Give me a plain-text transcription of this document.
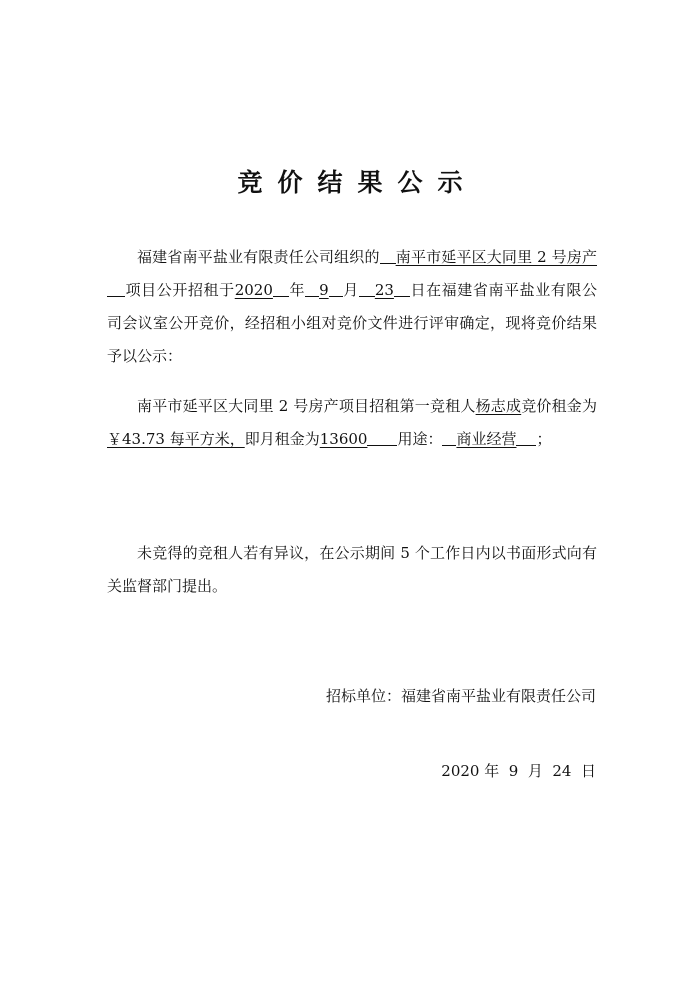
竞价结果公示

福建省南平盐业有限责任公司组织的 南平市延平区大同里 2 号房产项目公开招租于2020 年 9 月 23 日在福建省南平盐业有限公司会议室公开竞价，经招租小组对竞价文件进行评审确定，现将竞价结果予以公示：

南平市延平区大同里 2 号房产项目招租第一竞租人杨志成竞价租金为￥43.73 每平方米，即月租金为13600 用途： 商业经营 ；

未竞得的竞租人若有异议，在公示期间 5 个工作日内以书面形式向有关监督部门提出。

招标单位：福建省南平盐业有限责任公司
2020 年  9  月  24  日
